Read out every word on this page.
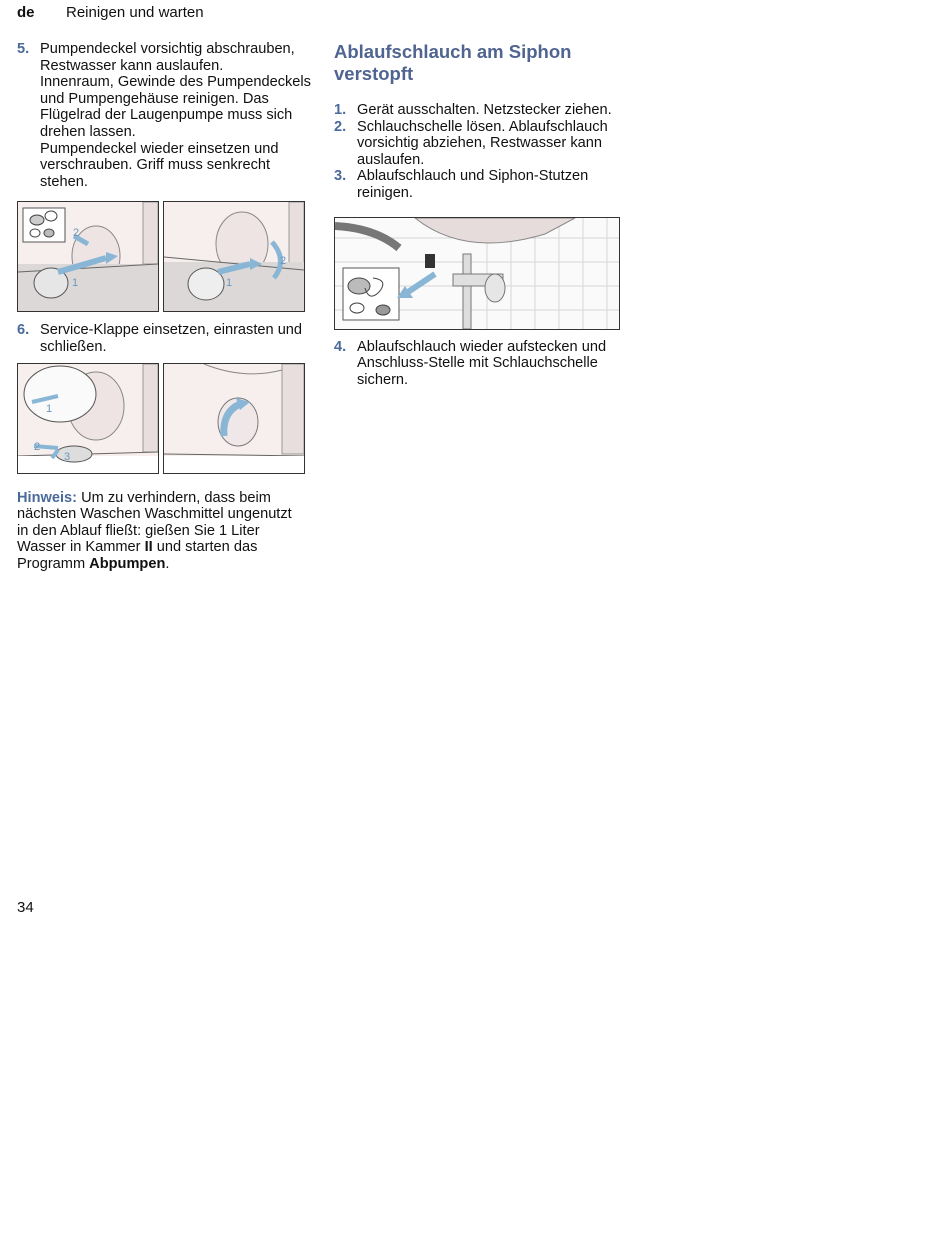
de Reinigen und warten
5. Pumpendeckel vorsichtig abschrauben, Restwasser kann auslaufen.

Innenraum, Gewinde des Pumpendeckels und Pumpengehäuse reinigen. Das Flügelrad der Laugenpumpe muss sich drehen lassen.

Pumpendeckel wieder einsetzen und verschrauben. Griff muss senkrecht stehen.

2
1
2
1
6. Service-Klappe einsetzen, einrasten und schließen.

1
2
3
Hinweis: Um zu verhindern, dass beim nächsten Waschen Waschmittel ungenutzt in den Ablauf fließt: gießen Sie 1 Liter Wasser in Kammer II und starten das Programm Abpumpen.
Ablaufschlauch am Siphon verstopft
1. Gerät ausschalten. Netzstecker ziehen.

2. Schlauchschelle lösen. Ablaufschlauch vorsichtig abziehen, Restwasser kann auslaufen.

3. Ablaufschlauch und Siphon-Stutzen reinigen.

4. Ablaufschlauch wieder aufstecken und Anschluss-Stelle mit Schlauchschelle sichern.

34
